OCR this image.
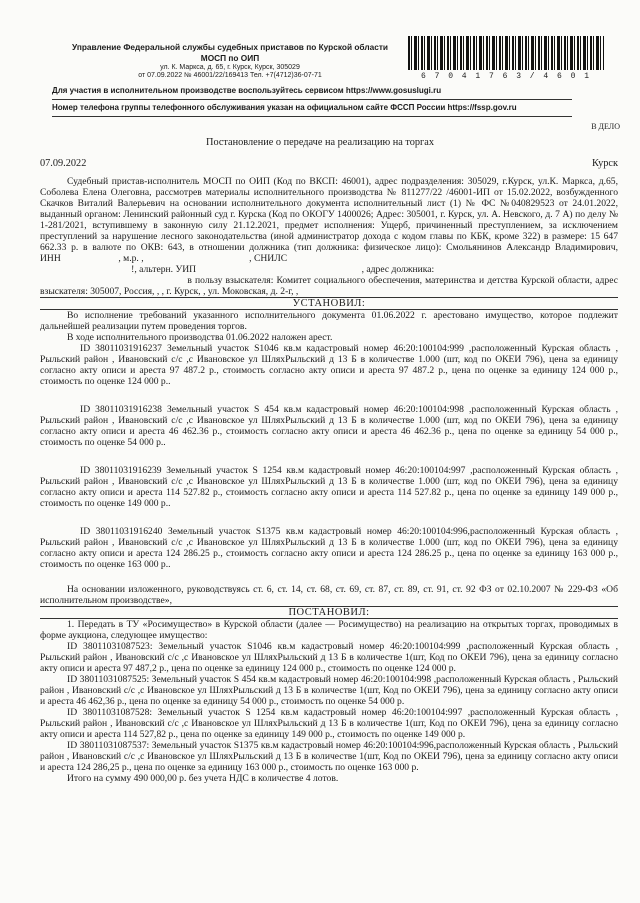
Управление Федеральной службы судебных приставов по Курской области
МОСП по ОИП
ул. К. Маркса, д. 65, г. Курск, Курск, 305029
от 07.09.2022 № 46001/22/169413 Тел. +7(4712)36-07-71	6 7 0 4 1 7 6 3 / 4 6 0 1
Для участия в исполнительном производстве воспользуйтесь сервисом https://www.gosuslugi.ru
Номер телефона группы телефонного обслуживания указан на официальном сайте ФССП России https://fssp.gov.ru
В ДЕЛО
Постановление о передаче на реализацию на торгах
07.09.2022	Курск

Судебный пристав-исполнитель МОСП по ОИП (Код по ВКСП: 46001), адрес подразделения: 305029, г.Курск, ул.К. Маркса, д.65, Соболева Елена Олеговна, рассмотрев материалы исполнительного производства № 811277/22 /46001-ИП от 15.02.2022, возбужденного Скачков Виталий Валерьевич на основании исполнительного документа исполнительный лист (1) № ФС №040829523 от 24.01.2022, выданный органом: Ленинский районный суд г. Курска (Код по ОКОГУ 1400026; Адрес: 305001, г. Курск, ул. А. Невского, д. 7 А) по делу № 1-281/2021, вступившему в законную силу 21.12.2021, предмет исполнения: Ущерб, причиненный преступлением, за исключением преступлений за нарушение лесного законодательства (иной администратор дохода с кодом главы по КБК, кроме 322) в размере: 15 647 662.33 р. в валюте по ОКВ: 643, в отношении должника (тип должника: физическое лицо): Смольянинов Александр Владимирович, ИНН                        , м.р. ,	, СНИЛС
!, альтерн. УИП	, адрес должника:
в пользу взыскателя: Комитет социального обеспечения, материнства и детства Курской области, адрес взыскателя: 305007, Россия, , , г. Курск, , ул. Моковская, д. 2-г, ,

УСТАНОВИЛ:

Во исполнение требований указанного исполнительного документа 01.06.2022 г. арестовано имущество, которое подлежит дальнейшей реализации путем проведения торгов.

В ходе исполнительного производства 01.06.2022 наложен арест.

ID 38011031916237 Земельный участок S1046 кв.м кадастровый номер 46:20:100104:999 ,расположенный Курская область , Рыльский район , Ивановский с/с ,с Ивановское ул ШляхРыльский д 13 Б в количестве 1.000 (шт, код по ОКЕИ 796), цена за единицу согласно акту описи и ареста 97 487.2 р., стоимость согласно акту описи и ареста 97 487.2 р., цена по оценке за единицу 124 000 р., стоимость по оценке 124 000 р..

ID 38011031916238 Земельный участок S 454 кв.м кадастровый номер 46:20:100104:998 ,расположенный Курская область , Рыльский район , Ивановский с/с ,с Ивановское ул ШляхРыльский д 13 Б в количестве 1.000 (шт, код по ОКЕИ 796), цена за единицу согласно акту описи и ареста 46 462.36 р., стоимость согласно акту описи и ареста 46 462.36 р., цена по оценке за единицу 54 000 р., стоимость по оценке 54 000 р..

ID 38011031916239 Земельный участок S 1254 кв.м кадастровый номер 46:20:100104:997 ,расположенный Курская область , Рыльский район , Ивановский с/с ,с Ивановское ул ШляхРыльский д 13 Б в количестве 1.000 (шт, код по ОКЕИ 796), цена за единицу согласно акту описи и ареста 114 527.82 р., стоимость согласно акту описи и ареста 114 527.82 р., цена по оценке за единицу 149 000 р., стоимость по оценке 149 000 р..

ID 38011031916240 Земельный участок S1375 кв.м кадастровый номер 46:20:100104:996,расположенный Курская область , Рыльский район , Ивановский с/с ,с Ивановское ул ШляхРыльский д 13 Б в количестве 1.000 (шт, код по ОКЕИ 796), цена за единицу согласно акту описи и ареста 124 286.25 р., стоимость согласно акту описи и ареста 124 286.25 р., цена по оценке за единицу 163 000 р., стоимость по оценке 163 000 р..

На основании изложенного, руководствуясь ст. 6, ст. 14, ст. 68, ст. 69, ст. 87, ст. 89, ст. 91, ст. 92 ФЗ от 02.10.2007 № 229-ФЗ «Об исполнительном производстве»,

ПОСТАНОВИЛ:

1. Передать в ТУ «Росимущество» в Курской области (далее — Росимущество) на реализацию на открытых торгах, проводимых в форме аукциона, следующее имущество:

ID 38011031087523: Земельный участок S1046 кв.м кадастровый номер 46:20:100104:999 ,расположенный Курская область , Рыльский район , Ивановский с/с ,с Ивановское ул ШляхРыльский д 13 Б в количестве 1(шт, Код по ОКЕИ 796), цена за единицу согласно акту описи и ареста 97 487,2 р., цена по оценке за единицу 124 000 р., стоимость по оценке 124 000 р.

ID 38011031087525: Земельный участок S 454 кв.м кадастровый номер 46:20:100104:998 ,расположенный Курская область , Рыльский район , Ивановский с/с ,с Ивановское ул ШляхРыльский д 13 Б в количестве 1(шт, Код по ОКЕИ 796), цена за единицу согласно акту описи и ареста 46 462,36 р., цена по оценке за единицу 54 000 р., стоимость по оценке 54 000 р.

ID 38011031087528: Земельный участок S 1254 кв.м кадастровый номер 46:20:100104:997 ,расположенный Курская область , Рыльский район , Ивановский с/с ,с Ивановское ул ШляхРыльский д 13 Б в количестве 1(шт, Код по ОКЕИ 796), цена за единицу согласно акту описи и ареста 114 527,82 р., цена по оценке за единицу 149 000 р., стоимость по оценке 149 000 р.

ID 38011031087537: Земельный участок S1375 кв.м кадастровый номер 46:20:100104:996,расположенный Курская область , Рыльский район , Ивановский с/с ,с Ивановское ул ШляхРыльский д 13 Б в количестве 1(шт, Код по ОКЕИ 796), цена за единицу согласно акту описи и ареста 124 286,25 р., цена по оценке за единицу 163 000 р., стоимость по оценке 163 000 р.

Итого на сумму 490 000,00 р. без учета НДС в количестве 4 лотов.
